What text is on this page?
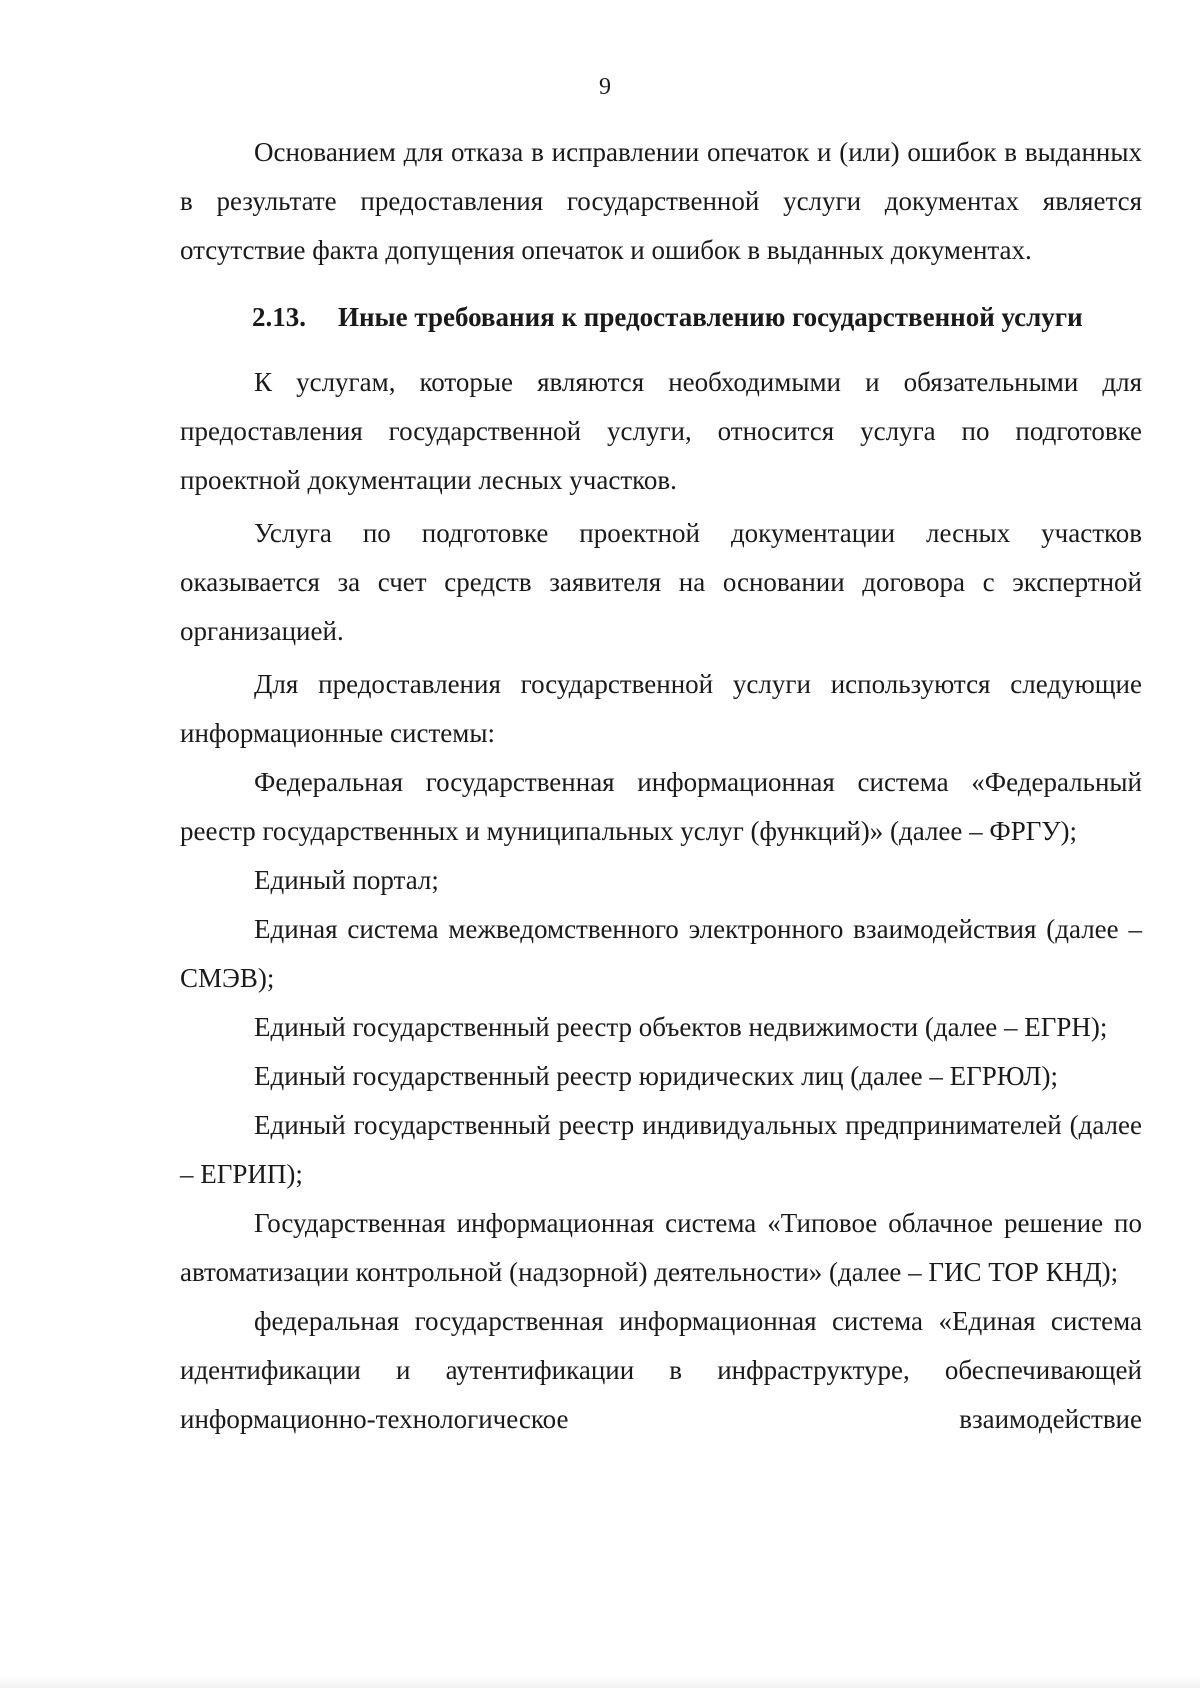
9

Основанием для отказа в исправлении опечаток и (или) ошибок в выданных в результате предоставления государственной услуги документах является отсутствие факта допущения опечаток и ошибок в выданных документах.

2.13. Иные требования к предоставлению государственной услуги

К услугам, которые являются необходимыми и обязательными для предоставления государственной услуги, относится услуга по подготовке проектной документации лесных участков.

Услуга по подготовке проектной документации лесных участков оказывается за счет средств заявителя на основании договора с экспертной организацией.

Для предоставления государственной услуги используются следующие информационные системы:

Федеральная государственная информационная система «Федеральный реестр государственных и муниципальных услуг (функций)» (далее – ФРГУ);

Единый портал;

Единая система межведомственного электронного взаимодействия (далее – СМЭВ);

Единый государственный реестр объектов недвижимости (далее – ЕГРН);

Единый государственный реестр юридических лиц (далее – ЕГРЮЛ);

Единый государственный реестр индивидуальных предпринимателей (далее – ЕГРИП);

Государственная информационная система «Типовое облачное решение по автоматизации контрольной (надзорной) деятельности» (далее – ГИС ТОР КНД);

федеральная государственная информационная система «Единая система идентификации и аутентификации в инфраструктуре, обеспечивающей информационно-технологическое взаимодействие
